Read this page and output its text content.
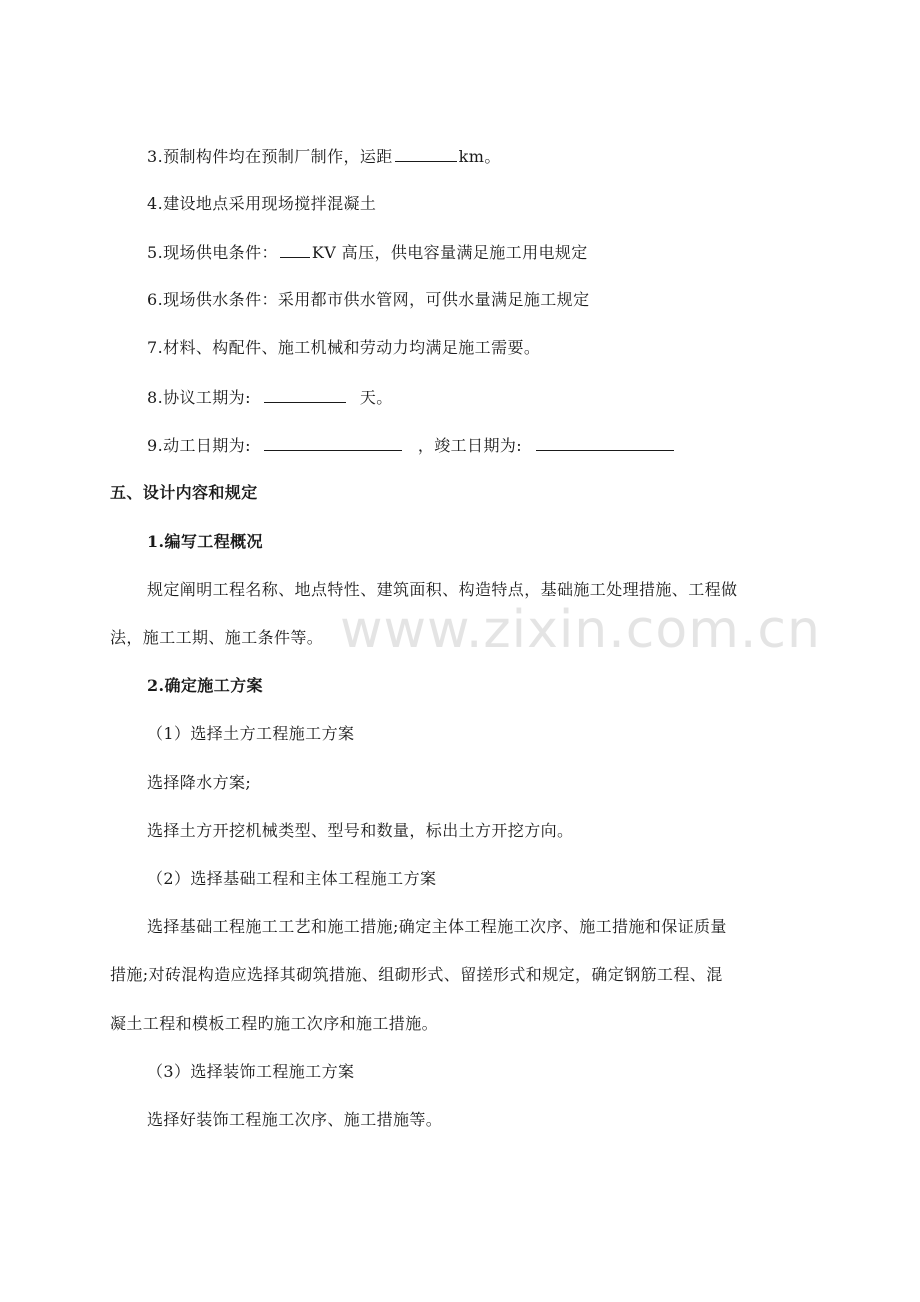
www.zixin.com.cn
3.预制构件均在预制厂制作，运距	km。
4.建设地点采用现场搅拌混凝土
5.现场供电条件： KV 高压，供电容量满足施工用电规定
6.现场供水条件：采用都市供水管网，可供水量满足施工规定
7.材料、构配件、施工机械和劳动力均满足施工需要。
8.协议工期为:	天。
9.动工日期为:	，竣工日期为:
五、设计内容和规定
1.编写工程概况
规定阐明工程名称、地点特性、建筑面积、构造特点，基础施工处理措施、工程做
法，施工工期、施工条件等。
2.确定施工方案
（1）选择土方工程施工方案
选择降水方案;
选择土方开挖机械类型、型号和数量，标出土方开挖方向。
（2）选择基础工程和主体工程施工方案
选择基础工程施工工艺和施工措施;确定主体工程施工次序、施工措施和保证质量
措施;对砖混构造应选择其砌筑措施、组砌形式、留搓形式和规定，确定钢筋工程、混
凝土工程和模板工程旳施工次序和施工措施。
（3）选择装饰工程施工方案
选择好装饰工程施工次序、施工措施等。
